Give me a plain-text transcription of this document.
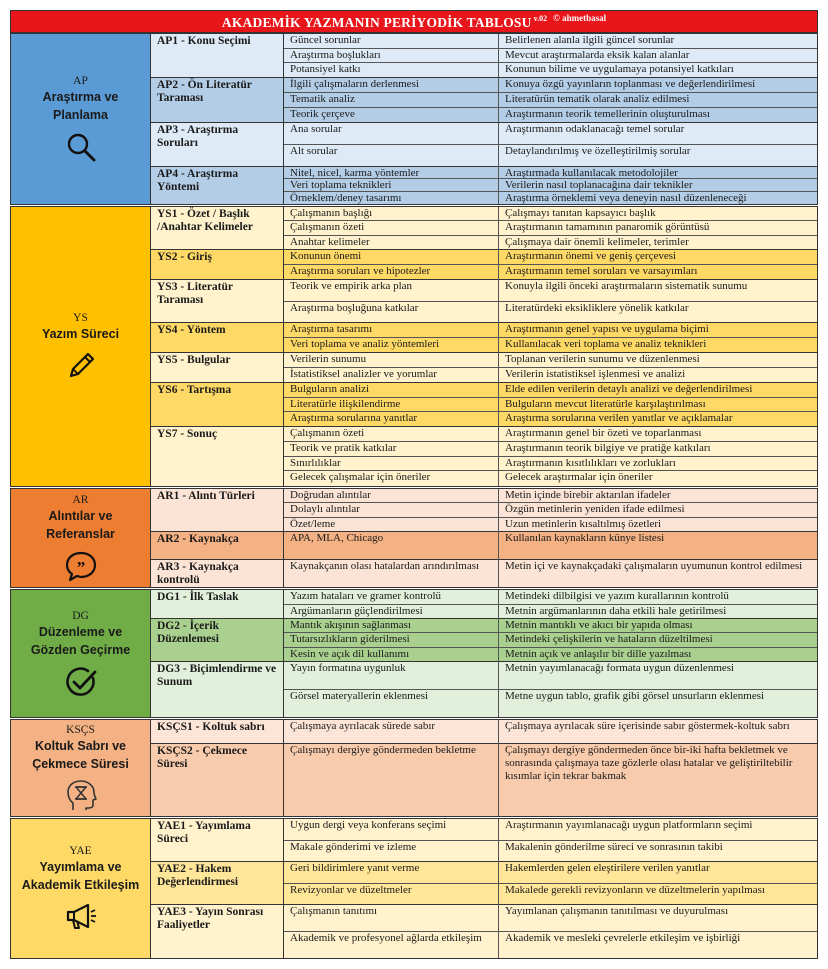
AKADEMİK YAZMANIN PERİYODİK TABLOSU $^{v.02}$ $^{© ahmetbasal}$
AP
Araştırma ve Planlama
AP1 - Konu Seçimi	Güncel sorunlar	Belirlenen alanla ilgili güncel sorunlar
Araştırma boşlukları	Mevcut araştırmalarda eksik kalan alanlar
Potansiyel katkı	Konunun bilime ve uygulamaya potansiyel katkıları
AP2 - Ön Literatür Taraması
İlgili çalışmaların derlenmesi	Konuya özgü yayınların toplanması ve değerlendirilmesi
Tematik analiz	Literatürün tematik olarak analiz edilmesi
Teorik çerçeve	Araştırmanın teorik temellerinin oluşturulması
AP3 - Araştırma Soruları
Ana sorular	Araştırmanın odaklanacağı temel sorular
Alt sorular	Detaylandırılmış ve özelleştirilmiş sorular
AP4 - Araştırma Yöntemi
Nitel, nicel, karma yöntemler	Araştırmada kullanılacak metodolojiler
Veri toplama teknikleri	Verilerin nasıl toplanacağına dair teknikler
Örneklem/deney tasarımı	Araştırma örneklemi veya deneyin nasıl düzenleneceği
YS
Yazım Süreci
YS1 - Özet / Başlık /Anahtar Kelimeler
Çalışmanın başlığı	Çalışmayı tanıtan kapsayıcı başlık
Çalışmanın özeti	Araştırmanın tamamının panaromik görüntüsü
Anahtar kelimeler	Çalışmaya dair önemli kelimeler, terimler
YS2 - Giriş	Konunun önemi	Araştırmanın önemi ve geniş çerçevesi
Araştırma soruları ve hipotezler	Araştırmanın temel soruları ve varsayımları
YS3 - Literatür Taraması
Teorik ve empirik arka plan	Konuyla ilgili önceki araştırmaların sistematik sunumu
Araştırma boşluğuna katkılar	Literatürdeki eksikliklere yönelik katkılar
YS4 - Yöntem	Araştırma tasarımı	Araştırmanın genel yapısı ve uygulama biçimi
Veri toplama ve analiz yöntemleri	Kullanılacak veri toplama ve analiz teknikleri
YS5 - Bulgular	Verilerin sunumu	Toplanan verilerin sunumu ve düzenlenmesi
İstatistiksel analizler ve yorumlar	Verilerin istatistiksel işlenmesi ve analizi
YS6 - Tartışma	Bulguların analizi	Elde edilen verilerin detaylı analizi ve değerlendirilmesi
Literatürle ilişkilendirme	Bulguların mevcut literatürle karşılaştırılması
Araştırma sorularına yanıtlar	Araştırma sorularına verilen yanıtlar ve açıklamalar
YS7 - Sonuç	Çalışmanın özeti	Araştırmanın genel bir özeti ve toparlanması
Teorik ve pratik katkılar	Araştırmanın teorik bilgiye ve pratiğe katkıları
Sınırlılıklar	Araştırmanın kısıtlılıkları ve zorlukları
Gelecek çalışmalar için öneriler	Gelecek araştırmalar için öneriler
AR
Alıntılar ve Referanslar
”
AR1 - Alıntı Türleri	Doğrudan alıntılar	Metin içinde birebir aktarılan ifadeler
Dolaylı alıntılar	Özgün metinlerin yeniden ifade edilmesi
Özet/leme	Uzun metinlerin kısaltılmış özetleri
AR2 - Kaynakça	APA, MLA, Chicago	Kullanılan kaynakların künye listesi
AR3 - Kaynakça kontrolü
Kaynakçanın olası hatalardan arındırılması	Metin içi ve kaynakçadaki çalışmaların uyumunun kontrol edilmesi
DG
Düzenleme ve Gözden Geçirme
DG1 - İlk Taslak	Yazım hataları ve gramer kontrolü	Metindeki dilbilgisi ve yazım kurallarının kontrolü
Argümanların güçlendirilmesi	Metnin argümanlarının daha etkili hale getirilmesi
DG2 - İçerik Düzenlemesi
Mantık akışının sağlanması	Metnin mantıklı ve akıcı bir yapıda olması
Tutarsızlıkların giderilmesi	Metindeki çelişkilerin ve hataların düzeltilmesi
Kesin ve açık dil kullanımı	Metnin açık ve anlaşılır bir dille yazılması
DG3 - Biçimlendirme ve Sunum
Yayın formatına uygunluk	Metnin yayımlanacağı formata uygun düzenlenmesi
Görsel materyallerin eklenmesi	Metne uygun tablo, grafik gibi görsel unsurların eklenmesi
KSÇS
Koltuk Sabrı ve Çekmece Süresi
KSÇS1 - Koltuk sabrı	Çalışmaya ayrılacak sürede sabır	Çalışmaya ayrılacak süre içerisinde sabır göstermek-koltuk sabrı
KSÇS2 - Çekmece Süresi
Çalışmayı dergiye göndermeden bekletme	Çalışmayı dergiye göndermeden önce bir-iki hafta bekletmek ve sonrasında çalışmaya taze gözlerle olası hatalar ve geliştiriltebilir kısımlar için tekrar bakmak
YAE
Yayımlama ve Akademik Etkileşim
YAE1 - Yayımlama Süreci
Uygun dergi veya konferans seçimi	Araştırmanın yayımlanacağı uygun platformların seçimi
Makale gönderimi ve izleme	Makalenin gönderilme süreci ve sonrasının takibi
YAE2 - Hakem Değerlendirmesi
Geri bildirimlere yanıt verme	Hakemlerden gelen eleştirilere verilen yanıtlar
Revizyonlar ve düzeltmeler	Makalede gerekli revizyonların ve düzeltmelerin yapılması
YAE3 - Yayın Sonrası Faaliyetler
Çalışmanın tanıtımı	Yayımlanan çalışmanın tanıtılması ve duyurulması
Akademik ve profesyonel ağlarda etkileşim	Akademik ve mesleki çevrelerle etkileşim ve işbirliği
